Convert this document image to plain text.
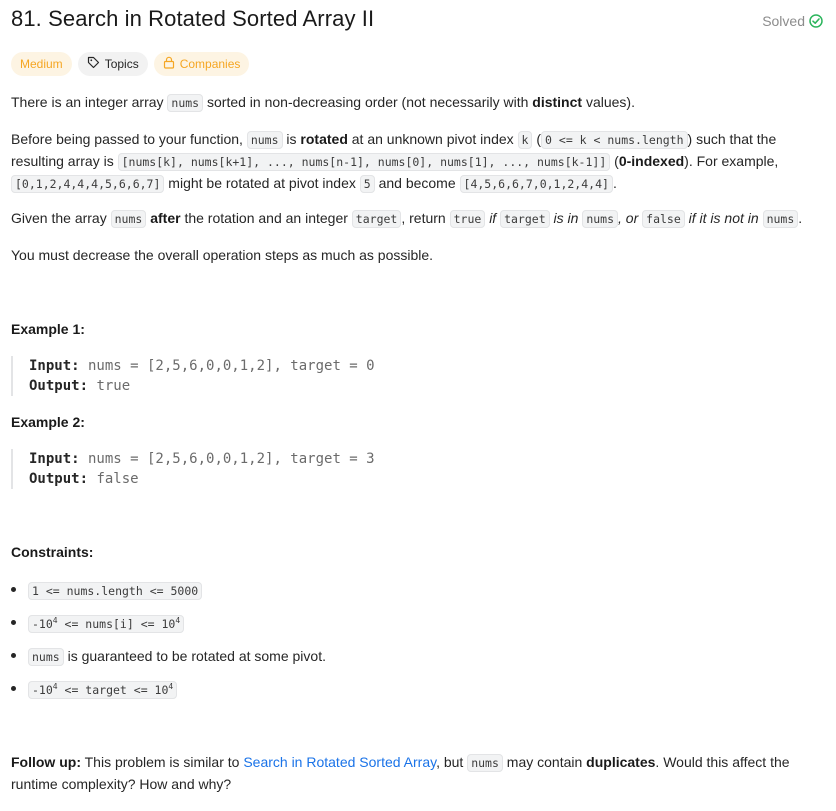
81. Search in Rotated Sorted Array II	Solved
Medium	Topics	Companies
There is an integer array nums sorted in non-decreasing order (not necessarily with distinct values).
Before being passed to your function, nums is rotated at an unknown pivot index k ( 0 <= k < nums.length ) such that the resulting array is [nums[k], nums[k+1], ..., nums[n-1], nums[0], nums[1], ..., nums[k-1]] (0-indexed). For example, [0,1,2,4,4,4,5,6,6,7] might be rotated at pivot index 5 and become [4,5,6,6,7,0,1,2,4,4] .
Given the array nums after the rotation and an integer target , return true if target is in nums , or false if it is not in nums .
You must decrease the overall operation steps as much as possible.
Example 1:
Input: nums = [2,5,6,0,0,1,2], target = 0
Output: true
Example 2:
Input: nums = [2,5,6,0,0,1,2], target = 3
Output: false
Constraints:
1 <= nums.length <= 5000
$-10^4$ <= nums[i] <= $10^4$
nums is guaranteed to be rotated at some pivot.
$-10^4$ <= target <= $10^4$
Follow up: This problem is similar to Search in Rotated Sorted Array, but nums may contain duplicates. Would this affect the runtime complexity? How and why?
